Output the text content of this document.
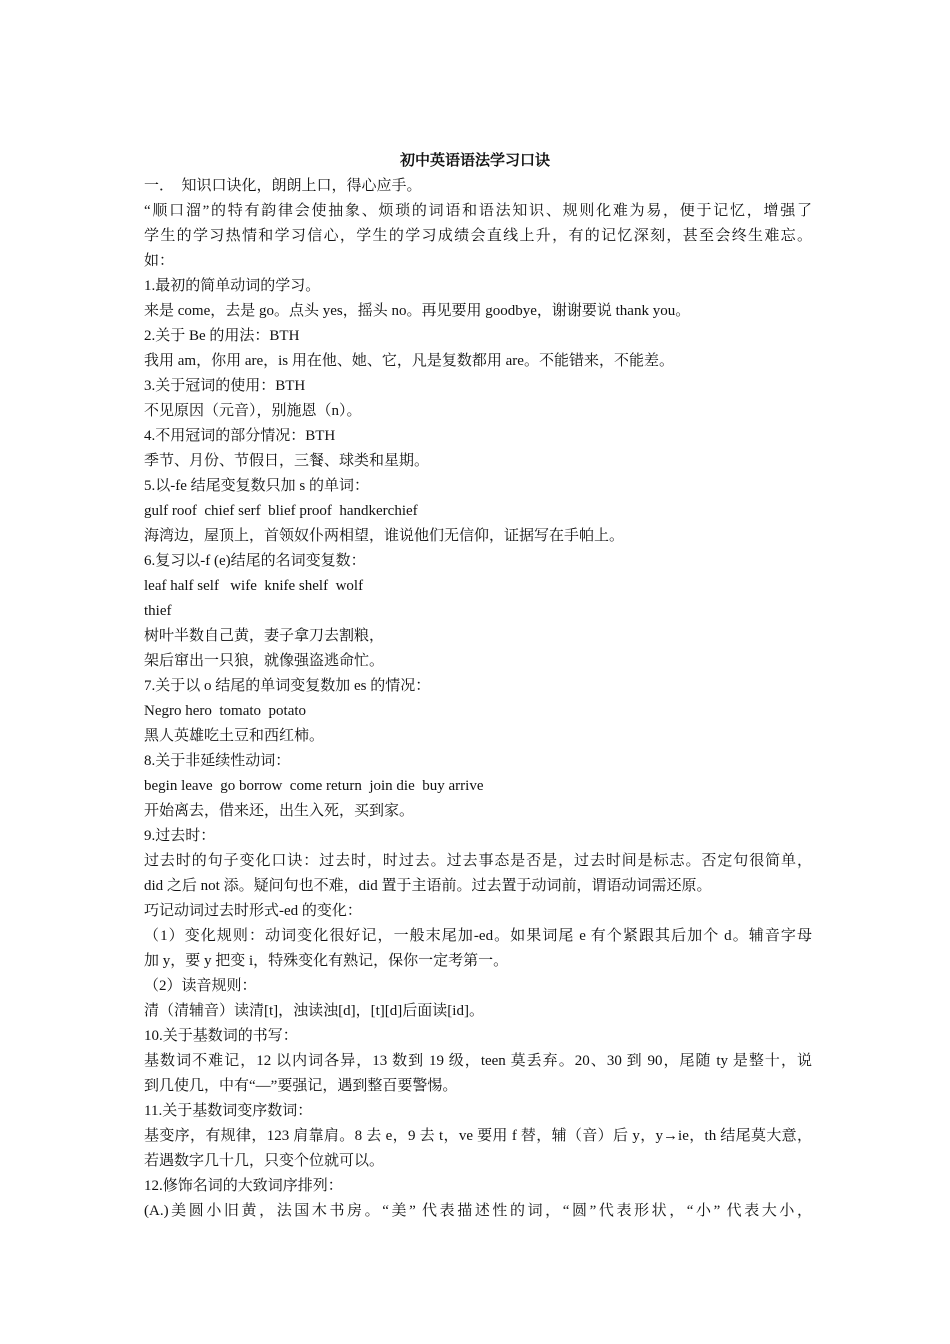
初中英语语法学习口诀
一．  知识口诀化，朗朗上口，得心应手。
“顺口溜”的特有韵律会使抽象、烦琐的词语和语法知识、规则化难为易，便于记忆，增强了
学生的学习热情和学习信心，学生的学习成绩会直线上升，有的记忆深刻，甚至会终生难忘。
如：
1.最初的简单动词的学习。
来是 come，去是 go。点头 yes，摇头 no。再见要用 goodbye，谢谢要说 thank you。
2.关于 Be 的用法：BTH
我用 am，你用 are，is 用在他、她、它，凡是复数都用 are。不能错来，不能差。
3.关于冠词的使用：BTH
不见原因（元音），别施恩（n）。
4.不用冠词的部分情况：BTH
季节、月份、节假日，三餐、球类和星期。
5.以-fe 结尾变复数只加 s 的单词：
gulf roof  chief serf  blief proof  handkerchief
海湾边，屋顶上，首领奴仆两相望，谁说他们无信仰，证据写在手帕上。
6.复习以-f (e)结尾的名词变复数：
leaf half self   wife  knife shelf  wolf
thief
树叶半数自己黄，妻子拿刀去割粮，
架后窜出一只狼，就像强盗逃命忙。
7.关于以 o 结尾的单词变复数加 es 的情况：
Negro hero  tomato  potato
黑人英雄吃土豆和西红柿。
8.关于非延续性动词：
begin leave  go borrow  come return  join die  buy arrive
开始离去，借来还，出生入死，买到家。
9.过去时：
过去时的句子变化口诀：过去时，时过去。过去事态是否是，过去时间是标志。否定句很简单，
did 之后 not 添。疑问句也不难，did 置于主语前。过去置于动词前，谓语动词需还原。
巧记动词过去时形式-ed 的变化：
（1）变化规则：动词变化很好记，一般末尾加-ed。如果词尾 e 有个紧跟其后加个 d。辅音字母
加 y，要 y 把变 i，特殊变化有熟记，保你一定考第一。
（2）读音规则：
清（清辅音）读清[t]，浊读浊[d]，[t][d]后面读[id]。
10.关于基数词的书写：
基数词不难记，12 以内词各异，13 数到 19 级，teen 莫丢弃。20、30 到 90，尾随 ty 是整十，说
到几使几，中有“—”要强记，遇到整百要警惕。
11.关于基数词变序数词：
基变序，有规律，123 肩靠肩。8 去 e，9 去 t，ve 要用 f 替，辅（音）后 y，y→ie，th 结尾莫大意，
若遇数字几十几，只变个位就可以。
12.修饰名词的大致词序排列：
(A.)美圆小旧黄，法国木书房。“美” 代表描述性的词，“圆”代表形状，“小” 代表大小，
